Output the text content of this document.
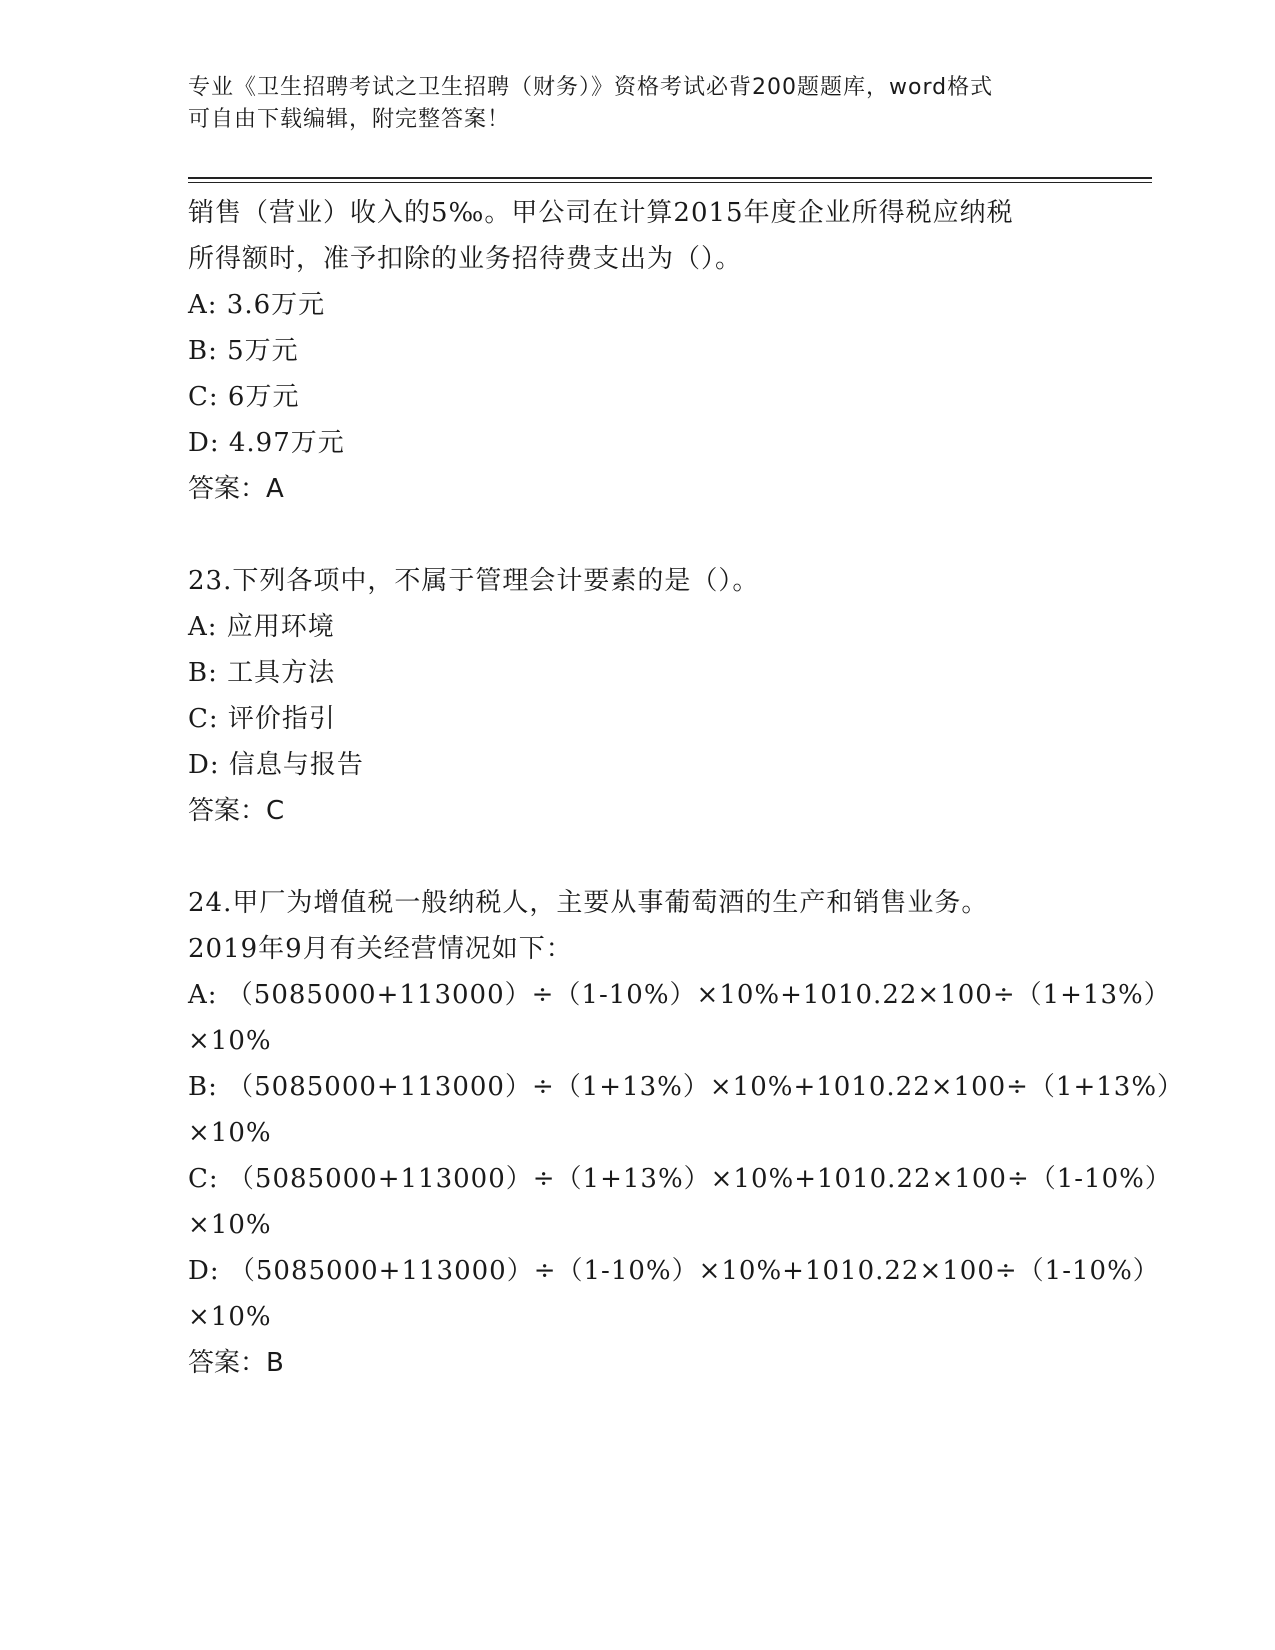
专业《卫生招聘考试之卫生招聘（财务）》资格考试必背200题题库，word格式
可自由下载编辑，附完整答案！
销售（营业）收入的5‰。甲公司在计算2015年度企业所得税应纳税
所得额时，准予扣除的业务招待费支出为（）。
A: 3.6万元
B: 5万元
C: 6万元
D: 4.97万元
答案：A
23.下列各项中，不属于管理会计要素的是（）。
A: 应用环境
B: 工具方法
C: 评价指引
D: 信息与报告
答案：C
24.甲厂为增值税一般纳税人，主要从事葡萄酒的生产和销售业务。
2019年9月有关经营情况如下：
A: （5085000+113000）÷（1-10%）×10%+1010.22×100÷（1+13%）
×10%
B: （5085000+113000）÷（1+13%）×10%+1010.22×100÷（1+13%）
×10%
C: （5085000+113000）÷（1+13%）×10%+1010.22×100÷（1-10%）
×10%
D: （5085000+113000）÷（1-10%）×10%+1010.22×100÷（1-10%）
×10%
答案：B
